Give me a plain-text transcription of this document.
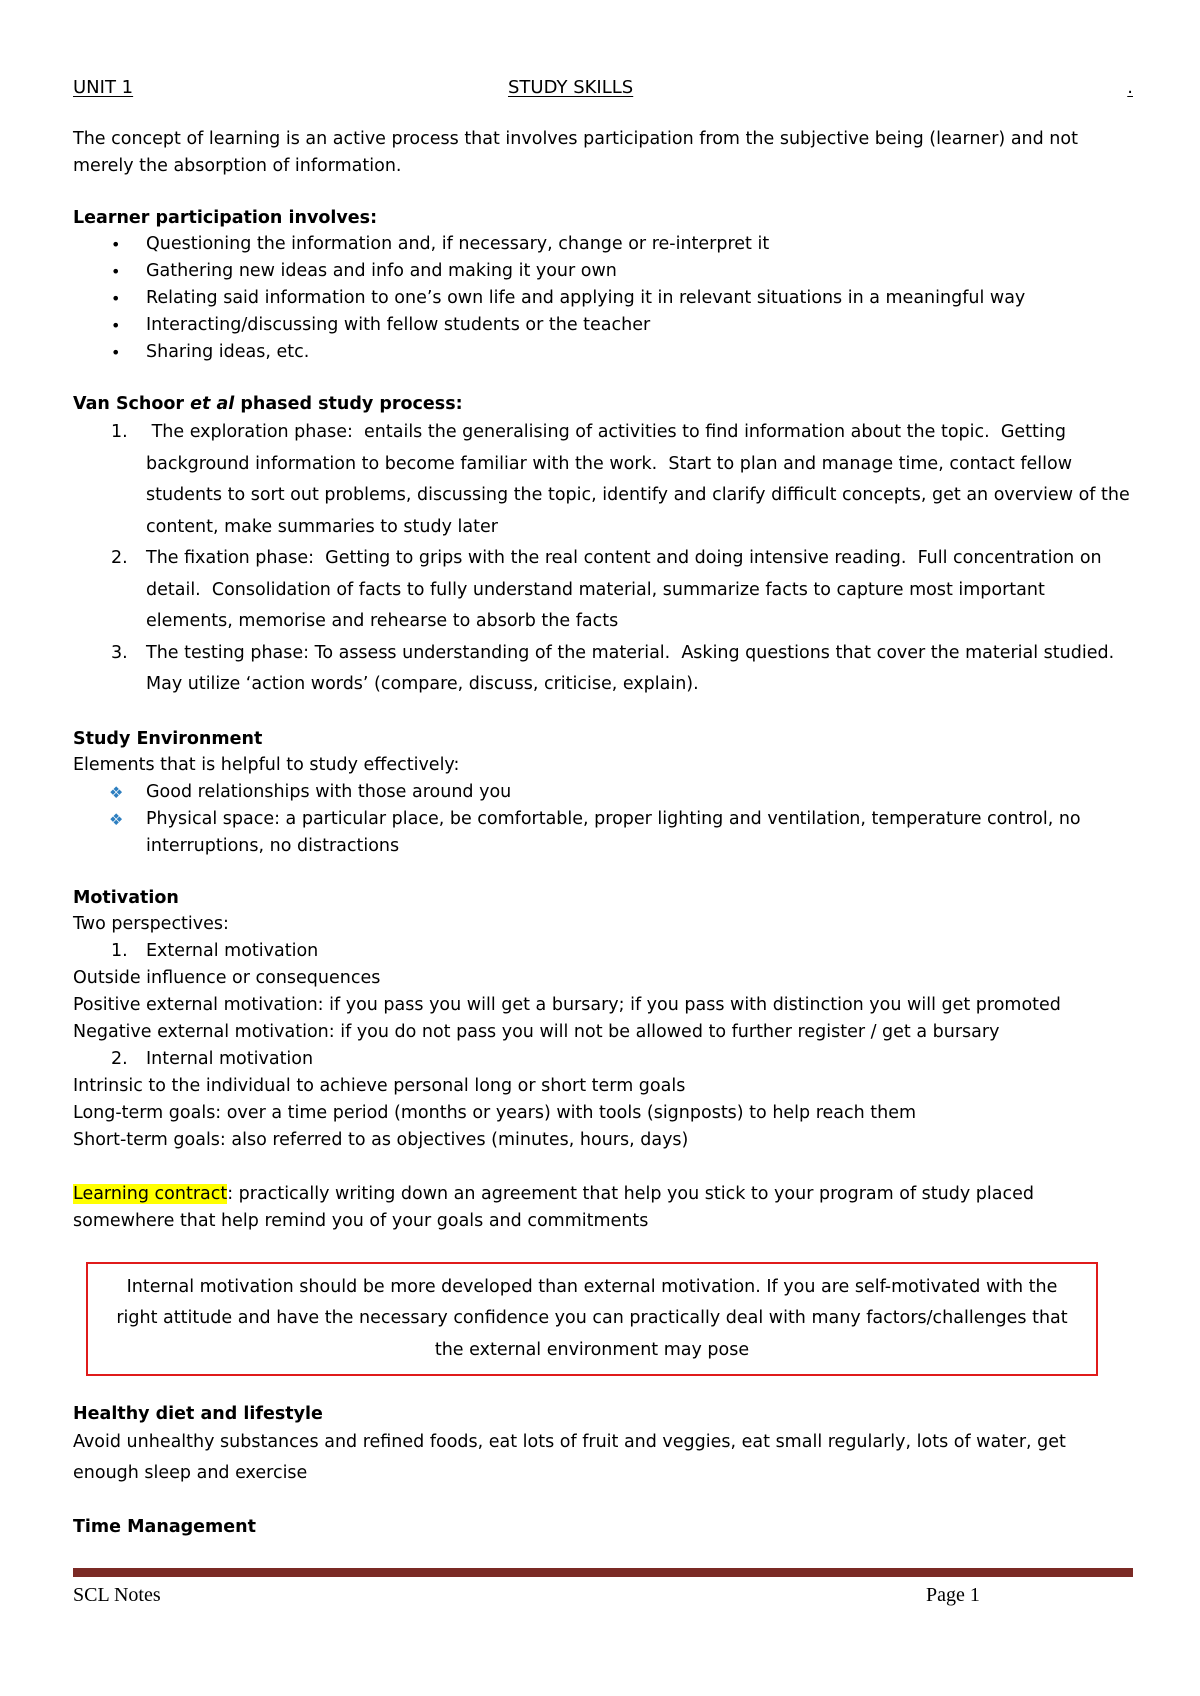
UNIT 1	STUDY SKILLS	.

The concept of learning is an active process that involves participation from the subjective being (learner) and not merely the absorption of information.

Learner participation involves:

• Questioning the information and, if necessary, change or re-interpret it
• Gathering new ideas and info and making it your own
• Relating said information to one’s own life and applying it in relevant situations in a meaningful way
• Interacting/discussing with fellow students or the teacher
• Sharing ideas, etc.

Van Schoor et al phased study process:

1. The exploration phase:  entails the generalising of activities to find information about the topic.  Getting background information to become familiar with the work.  Start to plan and manage time, contact fellow students to sort out problems, discussing the topic, identify and clarify difficult concepts, get an overview of the content, make summaries to study later
2. The fixation phase:  Getting to grips with the real content and doing intensive reading.  Full concentration on detail.  Consolidation of facts to fully understand material, summarize facts to capture most important elements, memorise and rehearse to absorb the facts
3. The testing phase: To assess understanding of the material.  Asking questions that cover the material studied.  May utilize ‘action words’ (compare, discuss, criticise, explain).

Study Environment

Elements that is helpful to study effectively:

❖ Good relationships with those around you
❖ Physical space: a particular place, be comfortable, proper lighting and ventilation, temperature control, no interruptions, no distractions

Motivation

Two perspectives:

1. External motivation

Outside influence or consequences

Positive external motivation: if you pass you will get a bursary; if you pass with distinction you will get promoted

Negative external motivation: if you do not pass you will not be allowed to further register / get a bursary

2. Internal motivation

Intrinsic to the individual to achieve personal long or short term goals

Long-term goals: over a time period (months or years) with tools (signposts) to help reach them

Short-term goals: also referred to as objectives (minutes, hours, days)

Learning contract: practically writing down an agreement that help you stick to your program of study placed somewhere that help remind you of your goals and commitments

Internal motivation should be more developed than external motivation. If you are self-motivated with the right attitude and have the necessary confidence you can practically deal with many factors/challenges that the external environment may pose

Healthy diet and lifestyle

Avoid unhealthy substances and refined foods, eat lots of fruit and veggies, eat small regularly, lots of water, get enough sleep and exercise

Time Management

SCL Notes	Page 1
